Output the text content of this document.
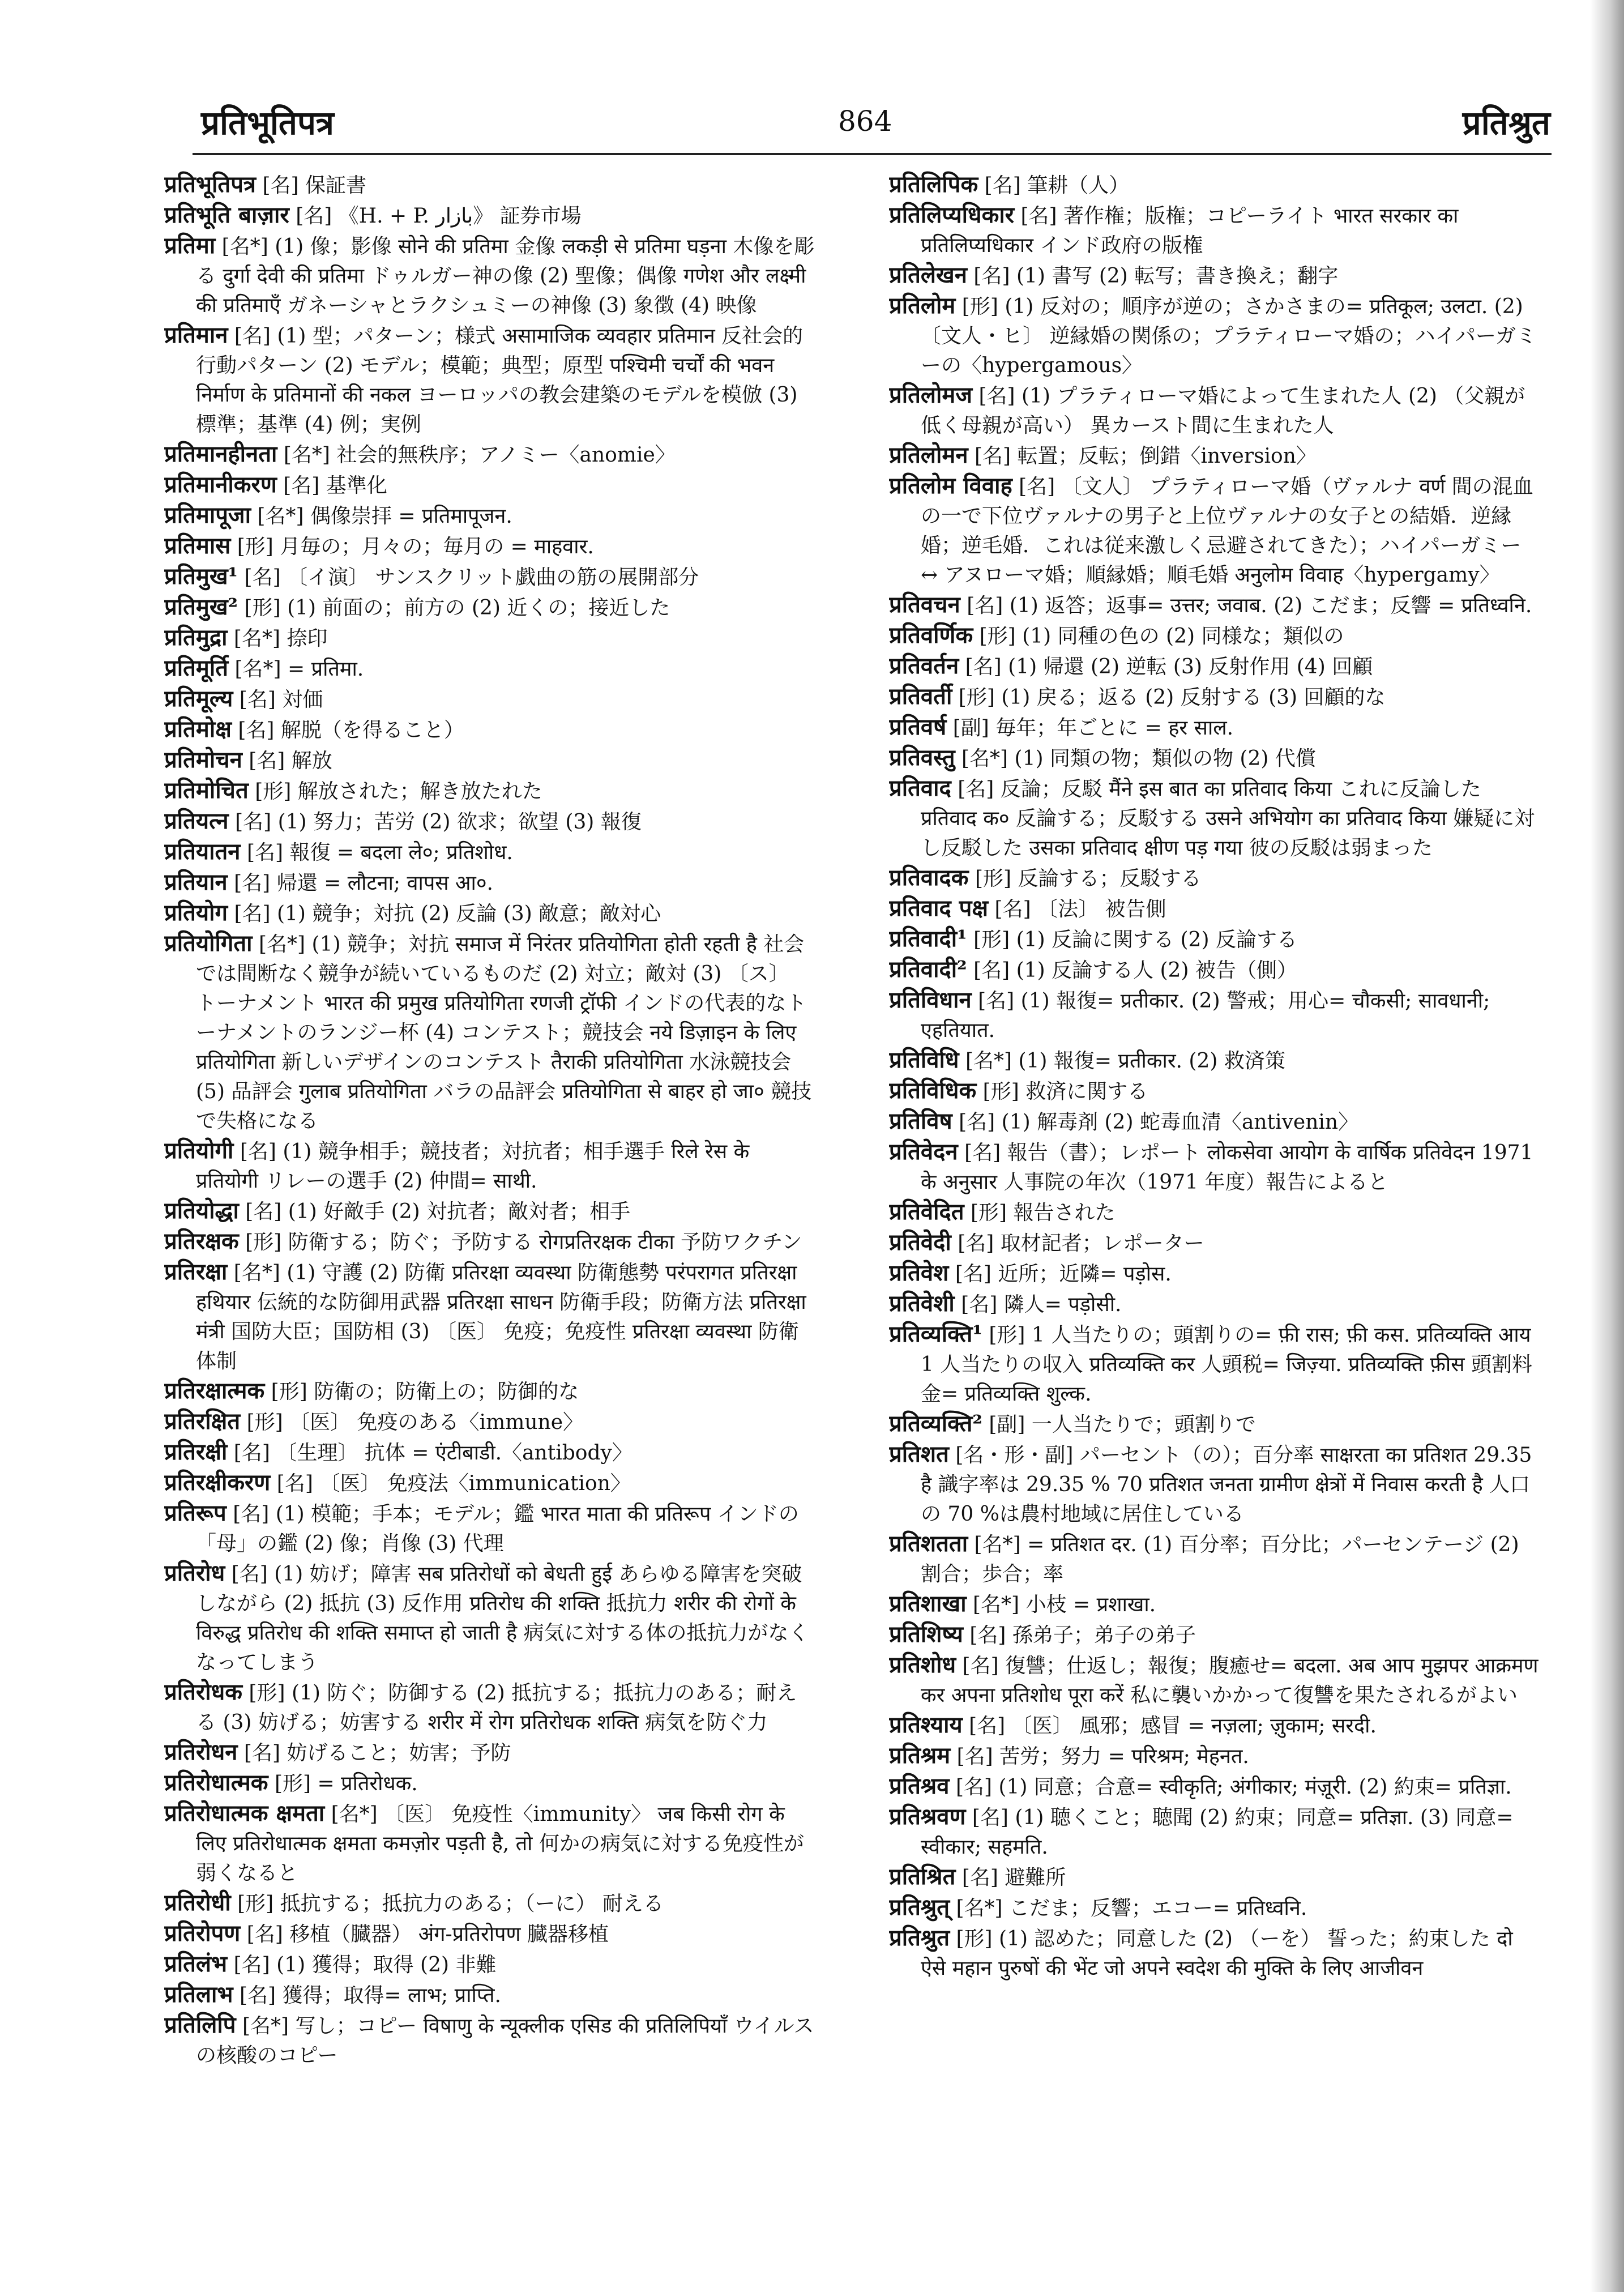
प्रतिभूतिपत्र	864	प्रतिश्रुत

प्रतिभूतिपत्र [名] 保証書

प्रतिभूति बाज़ार [名] 《H. + P. بازار》 証券市場

प्रतिमा [名*] (1) 像；影像 सोने की प्रतिमा 金像 लकड़ी से प्रतिमा घड़ना 木像を彫る दुर्गा देवी की प्रतिमा ドゥルガー神の像 (2) 聖像；偶像 गणेश और लक्ष्मी की प्रतिमाएँ ガネーシャとラクシュミーの神像 (3) 象徴 (4) 映像

प्रतिमान [名] (1) 型；パターン；様式 असामाजिक व्यवहार प्रतिमान 反社会的行動パターン (2) モデル；模範；典型；原型 पश्चिमी चर्चों की भवन निर्माण के प्रतिमानों की नकल ヨーロッパの教会建築のモデルを模倣 (3) 標準；基準 (4) 例；実例

प्रतिमानहीनता [名*] 社会的無秩序；アノミー〈anomie〉

प्रतिमानीकरण [名] 基準化

प्रतिमापूजा [名*] 偶像崇拝 = प्रतिमापूजन.

प्रतिमास [形] 月毎の；月々の；毎月の = माहवार.

प्रतिमुख¹ [名] 〔イ演〕 サンスクリット戯曲の筋の展開部分

प्रतिमुख² [形] (1) 前面の；前方の (2) 近くの；接近した

प्रतिमुद्रा [名*] 捺印

प्रतिमूर्ति [名*] = प्रतिमा.

प्रतिमूल्य [名] 対価

प्रतिमोक्ष [名] 解脱（を得ること）

प्रतिमोचन [名] 解放

प्रतिमोचित [形] 解放された；解き放たれた

प्रतियत्न [名] (1) 努力；苦労 (2) 欲求；欲望 (3) 報復

प्रतियातन [名] 報復 = बदला ले०; प्रतिशोध.

प्रतियान [名] 帰還 = लौटना; वापस आ०.

प्रतियोग [名] (1) 競争；対抗 (2) 反論 (3) 敵意；敵対心

प्रतियोगिता [名*] (1) 競争；対抗 समाज में निरंतर प्रतियोगिता होती रहती है 社会では間断なく競争が続いているものだ (2) 対立；敵対 (3) 〔ス〕 トーナメント भारत की प्रमुख प्रतियोगिता रणजी ट्रॉफी インドの代表的なトーナメントのランジー杯 (4) コンテスト；競技会 नये डिज़ाइन के लिए प्रतियोगिता 新しいデザインのコンテスト तैराकी प्रतियोगिता 水泳競技会 (5) 品評会 गुलाब प्रतियोगिता バラの品評会 प्रतियोगिता से बाहर हो जा० 競技で失格になる

प्रतियोगी [名] (1) 競争相手；競技者；対抗者；相手選手 रिले रेस के प्रतियोगी リレーの選手 (2) 仲間= साथी.

प्रतियोद्धा [名] (1) 好敵手 (2) 対抗者；敵対者；相手

प्रतिरक्षक [形] 防衛する；防ぐ；予防する रोगप्रतिरक्षक टीका 予防ワクチン

प्रतिरक्षा [名*] (1) 守護 (2) 防衛 प्रतिरक्षा व्यवस्था 防衛態勢 परंपरागत प्रतिरक्षा हथियार 伝統的な防御用武器 प्रतिरक्षा साधन 防衛手段；防衛方法 प्रतिरक्षा मंत्री 国防大臣；国防相 (3) 〔医〕 免疫；免疫性 प्रतिरक्षा व्यवस्था 防衛体制

प्रतिरक्षात्मक [形] 防衛の；防衛上の；防御的な

प्रतिरक्षित [形] 〔医〕 免疫のある〈immune〉

प्रतिरक्षी [名] 〔生理〕 抗体 = एंटीबाडी.〈antibody〉

प्रतिरक्षीकरण [名] 〔医〕 免疫法〈immunication〉

प्रतिरूप [名] (1) 模範；手本；モデル；鑑 भारत माता की प्रतिरूप インドの「母」の鑑 (2) 像；肖像 (3) 代理

प्रतिरोध [名] (1) 妨げ；障害 सब प्रतिरोधों को बेधती हुई あらゆる障害を突破しながら (2) 抵抗 (3) 反作用 प्रतिरोध की शक्ति 抵抗力 शरीर की रोगों के विरुद्ध प्रतिरोध की शक्ति समाप्त हो जाती है 病気に対する体の抵抗力がなくなってしまう

प्रतिरोधक [形] (1) 防ぐ；防御する (2) 抵抗する；抵抗力のある；耐える (3) 妨げる；妨害する शरीर में रोग प्रतिरोधक शक्ति 病気を防ぐ力

प्रतिरोधन [名] 妨げること；妨害；予防

प्रतिरोधात्मक [形] = प्रतिरोधक.

प्रतिरोधात्मक क्षमता [名*] 〔医〕 免疫性〈immunity〉 जब किसी रोग के लिए प्रतिरोधात्मक क्षमता कमज़ोर पड़ती है, तो 何かの病気に対する免疫性が弱くなると

प्रतिरोधी [形] 抵抗する；抵抗力のある；（ーに） 耐える

प्रतिरोपण [名] 移植（臓器） अंग-प्रतिरोपण 臓器移植

प्रतिलंभ [名] (1) 獲得；取得 (2) 非難

प्रतिलाभ [名] 獲得；取得= लाभ; प्राप्ति.

प्रतिलिपि [名*] 写し；コピー विषाणु के न्यूक्लीक एसिड की प्रतिलिपियाँ ウイルスの核酸のコピー

प्रतिलिपिक [名] 筆耕（人）

प्रतिलिप्यधिकार [名] 著作権；版権；コピーライト भारत सरकार का प्रतिलिप्यधिकार インド政府の版権

प्रतिलेखन [名] (1) 書写 (2) 転写；書き換え；翻字

प्रतिलोम [形] (1) 反対の；順序が逆の；さかさまの= प्रतिकूल; उलटा. (2) 〔文人・ヒ〕 逆縁婚の関係の；プラティローマ婚の；ハイパーガミーの〈hypergamous〉

प्रतिलोमज [名] (1) プラティローマ婚によって生まれた人 (2) （父親が低く母親が高い） 異カースト間に生まれた人

प्रतिलोमन [名] 転置；反転；倒錯〈inversion〉

प्रतिलोम विवाह [名] 〔文人〕 プラティローマ婚（ヴァルナ वर्ण 間の混血の一で下位ヴァルナの男子と上位ヴァルナの女子との結婚．逆縁婚；逆毛婚．これは従来激しく忌避されてきた）；ハイパーガミー ↔ アヌローマ婚；順縁婚；順毛婚 अनुलोम विवाह〈hypergamy〉

प्रतिवचन [名] (1) 返答；返事= उत्तर; जवाब. (2) こだま；反響 = प्रतिध्वनि.

प्रतिवर्णिक [形] (1) 同種の色の (2) 同様な；類似の

प्रतिवर्तन [名] (1) 帰還 (2) 逆転 (3) 反射作用 (4) 回顧

प्रतिवर्ती [形] (1) 戻る；返る (2) 反射する (3) 回顧的な

प्रतिवर्ष [副] 毎年；年ごとに = हर साल.

प्रतिवस्तु [名*] (1) 同類の物；類似の物 (2) 代償

प्रतिवाद [名] 反論；反駁 मैंने इस बात का प्रतिवाद किया これに反論した प्रतिवाद क० 反論する；反駁する उसने अभियोग का प्रतिवाद किया 嫌疑に対し反駁した उसका प्रतिवाद क्षीण पड़ गया 彼の反駁は弱まった

प्रतिवादक [形] 反論する；反駁する

प्रतिवाद पक्ष [名] 〔法〕 被告側

प्रतिवादी¹ [形] (1) 反論に関する (2) 反論する

प्रतिवादी² [名] (1) 反論する人 (2) 被告（側）

प्रतिविधान [名] (1) 報復= प्रतीकार. (2) 警戒；用心= चौकसी; सावधानी; एहतियात.

प्रतिविधि [名*] (1) 報復= प्रतीकार. (2) 救済策

प्रतिविधिक [形] 救済に関する

प्रतिविष [名] (1) 解毒剤 (2) 蛇毒血清〈antivenin〉

प्रतिवेदन [名] 報告（書）；レポート लोकसेवा आयोग के वार्षिक प्रतिवेदन 1971 के अनुसार 人事院の年次（1971 年度）報告によると

प्रतिवेदित [形] 報告された

प्रतिवेदी [名] 取材記者；レポーター

प्रतिवेश [名] 近所；近隣= पड़ोस.

प्रतिवेशी [名] 隣人= पड़ोसी.

प्रतिव्यक्ति¹ [形] 1 人当たりの；頭割りの= फ़ी रास; फ़ी कस. प्रतिव्यक्ति आय 1 人当たりの収入 प्रतिव्यक्ति कर 人頭税= जिज़्या. प्रतिव्यक्ति फ़ीस 頭割料金= प्रतिव्यक्ति शुल्क.

प्रतिव्यक्ति² [副] 一人当たりで；頭割りで

प्रतिशत [名・形・副] パーセント（の）；百分率 साक्षरता का प्रतिशत 29.35 है 識字率は 29.35 % 70 प्रतिशत जनता ग्रामीण क्षेत्रों में निवास करती है 人口の 70 %は農村地域に居住している

प्रतिशतता [名*] = प्रतिशत दर. (1) 百分率；百分比；パーセンテージ (2) 割合；歩合；率

प्रतिशाखा [名*] 小枝 = प्रशाखा.

प्रतिशिष्य [名] 孫弟子；弟子の弟子

प्रतिशोध [名] 復讐；仕返し；報復；腹癒せ= बदला. अब आप मुझपर आक्रमण कर अपना प्रतिशोध पूरा करें 私に襲いかかって復讐を果たされるがよい

प्रतिश्याय [名] 〔医〕 風邪；感冒 = नज़ला; ज़ुकाम; सरदी.

प्रतिश्रम [名] 苦労；努力 = परिश्रम; मेहनत.

प्रतिश्रव [名] (1) 同意；合意= स्वीकृति; अंगीकार; मंज़ूरी. (2) 約束= प्रतिज्ञा.

प्रतिश्रवण [名] (1) 聴くこと；聴聞 (2) 約束；同意= प्रतिज्ञा. (3) 同意= स्वीकार; सहमति.

प्रतिश्रित [名] 避難所

प्रतिश्रुत् [名*] こだま；反響；エコー= प्रतिध्वनि.

प्रतिश्रुत [形] (1) 認めた；同意した (2) （ーを） 誓った；約束した दो ऐसे महान पुरुषों की भेंट जो अपने स्वदेश की मुक्ति के लिए आजीवन
